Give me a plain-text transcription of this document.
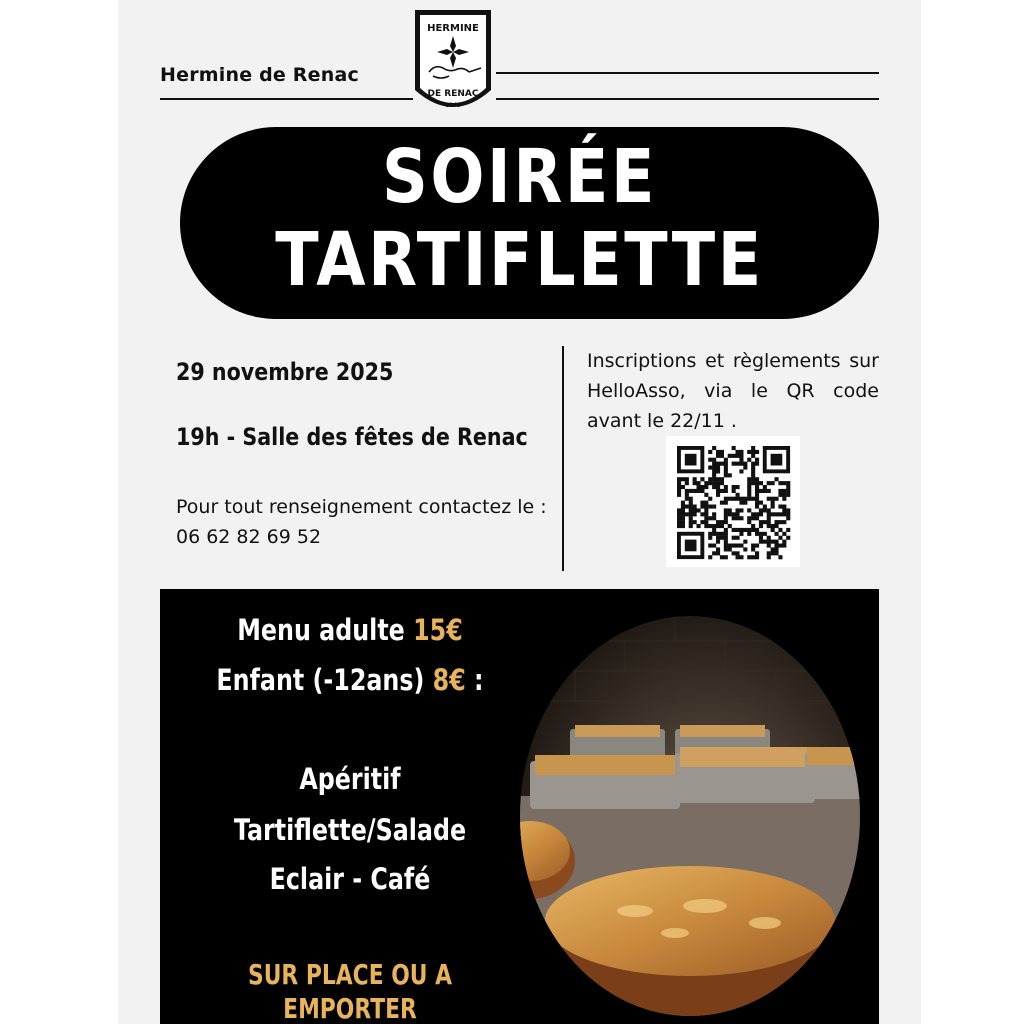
Hermine de Renac
HERMINE
DE RENAC
1946
SOIRÉE
TARTIFLETTE
29 novembre 2025
19h - Salle des fêtes de Renac
Pour tout renseignement contactez le : 06 62 82 69 52
Inscriptions et règlements sur HelloAsso, via le QR code avant le 22/11 .
Menu adulte 15€
Enfant (-12ans) 8€ :
Apéritif
Tartiflette/Salade
Eclair - Café
SUR PLACE OU A EMPORTER
